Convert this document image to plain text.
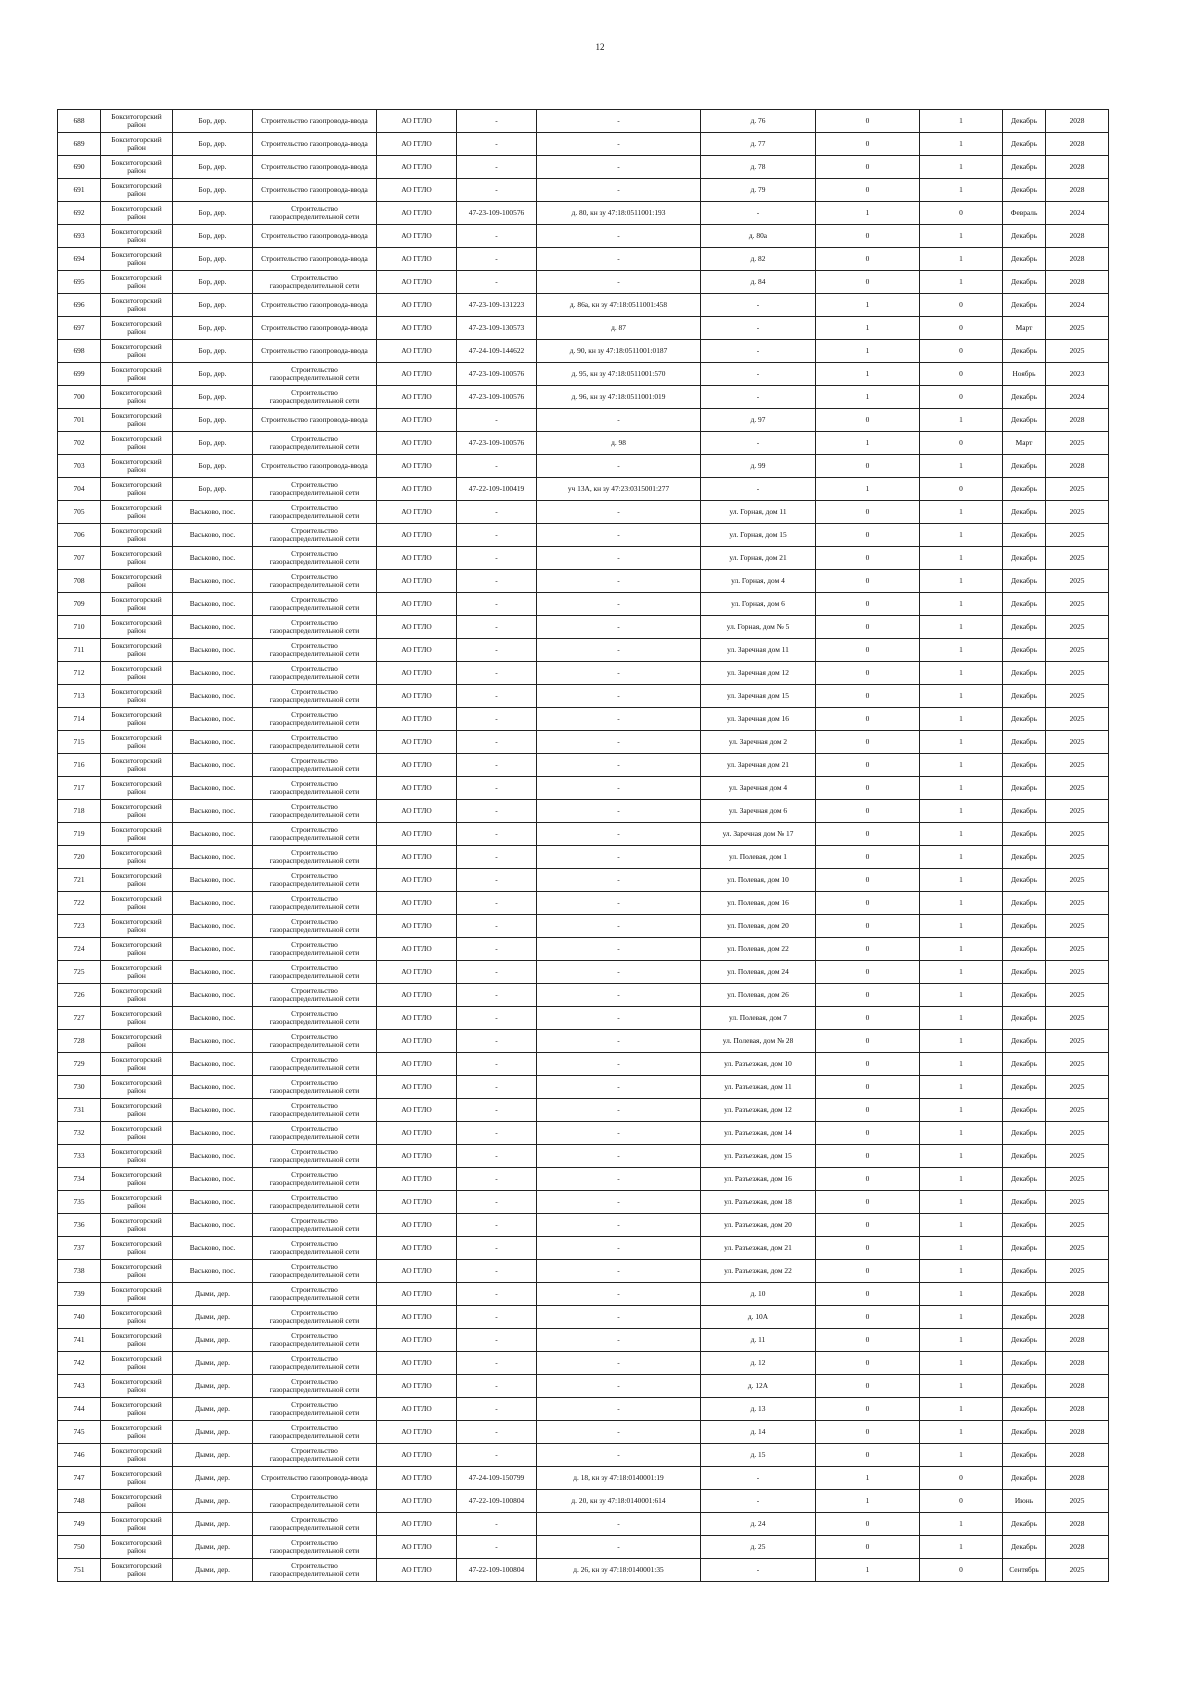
12
688	Бокситогорский район	Бор, дер.	Строительство газопровода-ввода	АО ГГЛО	-	-	д. 76	0	1	Декабрь	2028
689	Бокситогорский район	Бор, дер.	Строительство газопровода-ввода	АО ГГЛО	-	-	д. 77	0	1	Декабрь	2028
690	Бокситогорский район	Бор, дер.	Строительство газопровода-ввода	АО ГГЛО	-	-	д. 78	0	1	Декабрь	2028
691	Бокситогорский район	Бор, дер.	Строительство газопровода-ввода	АО ГГЛО	-	-	д. 79	0	1	Декабрь	2028
692	Бокситогорский район	Бор, дер.	Строительство газораспределительной сети	АО ГГЛО	47-23-109-100576	д. 80, кн зу 47:18:0511001:193	-	1	0	Февраль	2024
693	Бокситогорский район	Бор, дер.	Строительство газопровода-ввода	АО ГГЛО	-	-	д. 80а	0	1	Декабрь	2028
694	Бокситогорский район	Бор, дер.	Строительство газопровода-ввода	АО ГГЛО	-	-	д. 82	0	1	Декабрь	2028
695	Бокситогорский район	Бор, дер.	Строительство газораспределительной сети	АО ГГЛО	-	-	д. 84	0	1	Декабрь	2028
696	Бокситогорский район	Бор, дер.	Строительство газопровода-ввода	АО ГГЛО	47-23-109-131223	д. 86а, кн зу 47:18:0511001:458	-	1	0	Декабрь	2024
697	Бокситогорский район	Бор, дер.	Строительство газопровода-ввода	АО ГГЛО	47-23-109-130573	д. 87	-	1	0	Март	2025
698	Бокситогорский район	Бор, дер.	Строительство газопровода-ввода	АО ГГЛО	47-24-109-144622	д. 90, кн зу 47:18:0511001:0187	-	1	0	Декабрь	2025
699	Бокситогорский район	Бор, дер.	Строительство газораспределительной сети	АО ГГЛО	47-23-109-100576	д. 95, кн зу 47:18:0511001:570	-	1	0	Ноябрь	2023
700	Бокситогорский район	Бор, дер.	Строительство газораспределительной сети	АО ГГЛО	47-23-109-100576	д. 96, кн зу 47:18:0511001:019	-	1	0	Декабрь	2024
701	Бокситогорский район	Бор, дер.	Строительство газопровода-ввода	АО ГГЛО	-	-	д. 97	0	1	Декабрь	2028
702	Бокситогорский район	Бор, дер.	Строительство газораспределительной сети	АО ГГЛО	47-23-109-100576	д. 98	-	1	0	Март	2025
703	Бокситогорский район	Бор, дер.	Строительство газопровода-ввода	АО ГГЛО	-	-	д. 99	0	1	Декабрь	2028
704	Бокситогорский район	Бор, дер.	Строительство газораспределительной сети	АО ГГЛО	47-22-109-100419	уч 13А, кн зу 47:23:0315001:277	-	1	0	Декабрь	2025
705	Бокситогорский район	Васьково, пос.	Строительство газораспределительной сети	АО ГГЛО	-	-	ул. Горная, дом 11	0	1	Декабрь	2025
706	Бокситогорский район	Васьково, пос.	Строительство газораспределительной сети	АО ГГЛО	-	-	ул. Горная, дом 15	0	1	Декабрь	2025
707	Бокситогорский район	Васьково, пос.	Строительство газораспределительной сети	АО ГГЛО	-	-	ул. Горная, дом 21	0	1	Декабрь	2025
708	Бокситогорский район	Васьково, пос.	Строительство газораспределительной сети	АО ГГЛО	-	-	ул. Горная, дом 4	0	1	Декабрь	2025
709	Бокситогорский район	Васьково, пос.	Строительство газораспределительной сети	АО ГГЛО	-	-	ул. Горная, дом 6	0	1	Декабрь	2025
710	Бокситогорский район	Васьково, пос.	Строительство газораспределительной сети	АО ГГЛО	-	-	ул. Горная, дом № 5	0	1	Декабрь	2025
711	Бокситогорский район	Васьково, пос.	Строительство газораспределительной сети	АО ГГЛО	-	-	ул. Заречная дом 11	0	1	Декабрь	2025
712	Бокситогорский район	Васьково, пос.	Строительство газораспределительной сети	АО ГГЛО	-	-	ул. Заречная дом 12	0	1	Декабрь	2025
713	Бокситогорский район	Васьково, пос.	Строительство газораспределительной сети	АО ГГЛО	-	-	ул. Заречная дом 15	0	1	Декабрь	2025
714	Бокситогорский район	Васьково, пос.	Строительство газораспределительной сети	АО ГГЛО	-	-	ул. Заречная дом 16	0	1	Декабрь	2025
715	Бокситогорский район	Васьково, пос.	Строительство газораспределительной сети	АО ГГЛО	-	-	ул. Заречная дом 2	0	1	Декабрь	2025
716	Бокситогорский район	Васьково, пос.	Строительство газораспределительной сети	АО ГГЛО	-	-	ул. Заречная дом 21	0	1	Декабрь	2025
717	Бокситогорский район	Васьково, пос.	Строительство газораспределительной сети	АО ГГЛО	-	-	ул. Заречная дом 4	0	1	Декабрь	2025
718	Бокситогорский район	Васьково, пос.	Строительство газораспределительной сети	АО ГГЛО	-	-	ул. Заречная дом 6	0	1	Декабрь	2025
719	Бокситогорский район	Васьково, пос.	Строительство газораспределительной сети	АО ГГЛО	-	-	ул. Заречная дом № 17	0	1	Декабрь	2025
720	Бокситогорский район	Васьково, пос.	Строительство газораспределительной сети	АО ГГЛО	-	-	ул. Полевая, дом 1	0	1	Декабрь	2025
721	Бокситогорский район	Васьково, пос.	Строительство газораспределительной сети	АО ГГЛО	-	-	ул. Полевая, дом 10	0	1	Декабрь	2025
722	Бокситогорский район	Васьково, пос.	Строительство газораспределительной сети	АО ГГЛО	-	-	ул. Полевая, дом 16	0	1	Декабрь	2025
723	Бокситогорский район	Васьково, пос.	Строительство газораспределительной сети	АО ГГЛО	-	-	ул. Полевая, дом 20	0	1	Декабрь	2025
724	Бокситогорский район	Васьково, пос.	Строительство газораспределительной сети	АО ГГЛО	-	-	ул. Полевая, дом 22	0	1	Декабрь	2025
725	Бокситогорский район	Васьково, пос.	Строительство газораспределительной сети	АО ГГЛО	-	-	ул. Полевая, дом 24	0	1	Декабрь	2025
726	Бокситогорский район	Васьково, пос.	Строительство газораспределительной сети	АО ГГЛО	-	-	ул. Полевая, дом 26	0	1	Декабрь	2025
727	Бокситогорский район	Васьково, пос.	Строительство газораспределительной сети	АО ГГЛО	-	-	ул. Полевая, дом 7	0	1	Декабрь	2025
728	Бокситогорский район	Васьково, пос.	Строительство газораспределительной сети	АО ГГЛО	-	-	ул. Полевая, дом № 28	0	1	Декабрь	2025
729	Бокситогорский район	Васьково, пос.	Строительство газораспределительной сети	АО ГГЛО	-	-	ул. Разъезжая, дом 10	0	1	Декабрь	2025
730	Бокситогорский район	Васьково, пос.	Строительство газораспределительной сети	АО ГГЛО	-	-	ул. Разъезжая, дом 11	0	1	Декабрь	2025
731	Бокситогорский район	Васьково, пос.	Строительство газораспределительной сети	АО ГГЛО	-	-	ул. Разъезжая, дом 12	0	1	Декабрь	2025
732	Бокситогорский район	Васьково, пос.	Строительство газораспределительной сети	АО ГГЛО	-	-	ул. Разъезжая, дом 14	0	1	Декабрь	2025
733	Бокситогорский район	Васьково, пос.	Строительство газораспределительной сети	АО ГГЛО	-	-	ул. Разъезжая, дом 15	0	1	Декабрь	2025
734	Бокситогорский район	Васьково, пос.	Строительство газораспределительной сети	АО ГГЛО	-	-	ул. Разъезжая, дом 16	0	1	Декабрь	2025
735	Бокситогорский район	Васьково, пос.	Строительство газораспределительной сети	АО ГГЛО	-	-	ул. Разъезжая, дом 18	0	1	Декабрь	2025
736	Бокситогорский район	Васьково, пос.	Строительство газораспределительной сети	АО ГГЛО	-	-	ул. Разъезжая, дом 20	0	1	Декабрь	2025
737	Бокситогорский район	Васьково, пос.	Строительство газораспределительной сети	АО ГГЛО	-	-	ул. Разъезжая, дом 21	0	1	Декабрь	2025
738	Бокситогорский район	Васьково, пос.	Строительство газораспределительной сети	АО ГГЛО	-	-	ул. Разъезжая, дом 22	0	1	Декабрь	2025
739	Бокситогорский район	Дыми, дер.	Строительство газораспределительной сети	АО ГГЛО	-	-	д. 10	0	1	Декабрь	2028
740	Бокситогорский район	Дыми, дер.	Строительство газораспределительной сети	АО ГГЛО	-	-	д. 10А	0	1	Декабрь	2028
741	Бокситогорский район	Дыми, дер.	Строительство газораспределительной сети	АО ГГЛО	-	-	д. 11	0	1	Декабрь	2028
742	Бокситогорский район	Дыми, дер.	Строительство газораспределительной сети	АО ГГЛО	-	-	д. 12	0	1	Декабрь	2028
743	Бокситогорский район	Дыми, дер.	Строительство газораспределительной сети	АО ГГЛО	-	-	д. 12А	0	1	Декабрь	2028
744	Бокситогорский район	Дыми, дер.	Строительство газораспределительной сети	АО ГГЛО	-	-	д. 13	0	1	Декабрь	2028
745	Бокситогорский район	Дыми, дер.	Строительство газораспределительной сети	АО ГГЛО	-	-	д. 14	0	1	Декабрь	2028
746	Бокситогорский район	Дыми, дер.	Строительство газораспределительной сети	АО ГГЛО	-	-	д. 15	0	1	Декабрь	2028
747	Бокситогорский район	Дыми, дер.	Строительство газопровода-ввода	АО ГГЛО	47-24-109-150799	д. 18, кн зу 47:18:0140001:19	-	1	0	Декабрь	2028
748	Бокситогорский район	Дыми, дер.	Строительство газораспределительной сети	АО ГГЛО	47-22-109-100804	д. 20, кн зу 47:18:0140001:614	-	1	0	Июнь	2025
749	Бокситогорский район	Дыми, дер.	Строительство газораспределительной сети	АО ГГЛО	-	-	д. 24	0	1	Декабрь	2028
750	Бокситогорский район	Дыми, дер.	Строительство газораспределительной сети	АО ГГЛО	-	-	д. 25	0	1	Декабрь	2028
751	Бокситогорский район	Дыми, дер.	Строительство газораспределительной сети	АО ГГЛО	47-22-109-100804	д. 26, кн зу 47:18:0140001:35	-	1	0	Сентябрь	2025
